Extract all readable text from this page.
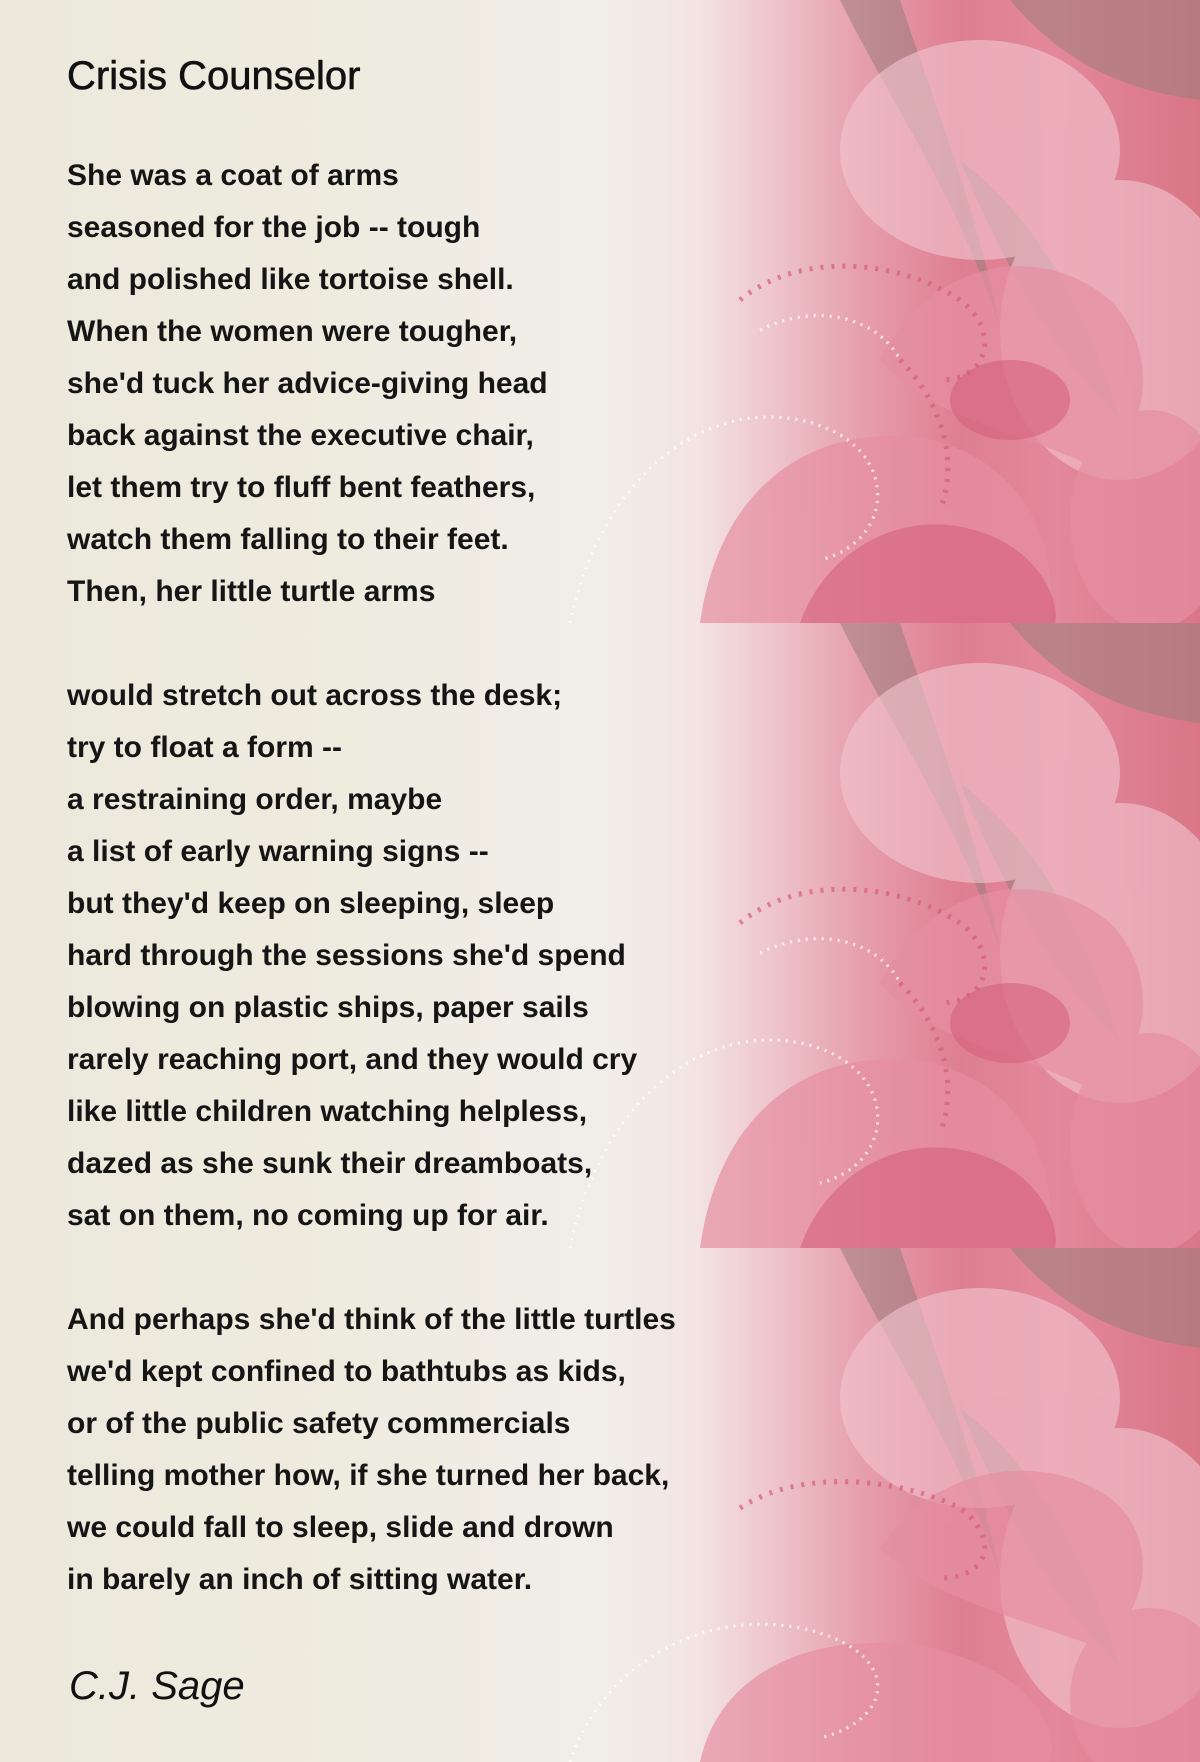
Crisis Counselor
She was a coat of arms
seasoned for the job -- tough
and polished like tortoise shell.
When the women were tougher,
she'd tuck her advice-giving head
back against the executive chair,
let them try to fluff bent feathers,
watch them falling to their feet.
Then, her little turtle arms
would stretch out across the desk;
try to float a form --
a restraining order, maybe
a list of early warning signs --
but they'd keep on sleeping, sleep
hard through the sessions she'd spend
blowing on plastic ships, paper sails
rarely reaching port, and they would cry
like little children watching helpless,
dazed as she sunk their dreamboats,
sat on them, no coming up for air.
And perhaps she'd think of the little turtles
we'd kept confined to bathtubs as kids,
or of the public safety commercials
telling mother how, if she turned her back,
we could fall to sleep, slide and drown
in barely an inch of sitting water.
C.J. Sage
